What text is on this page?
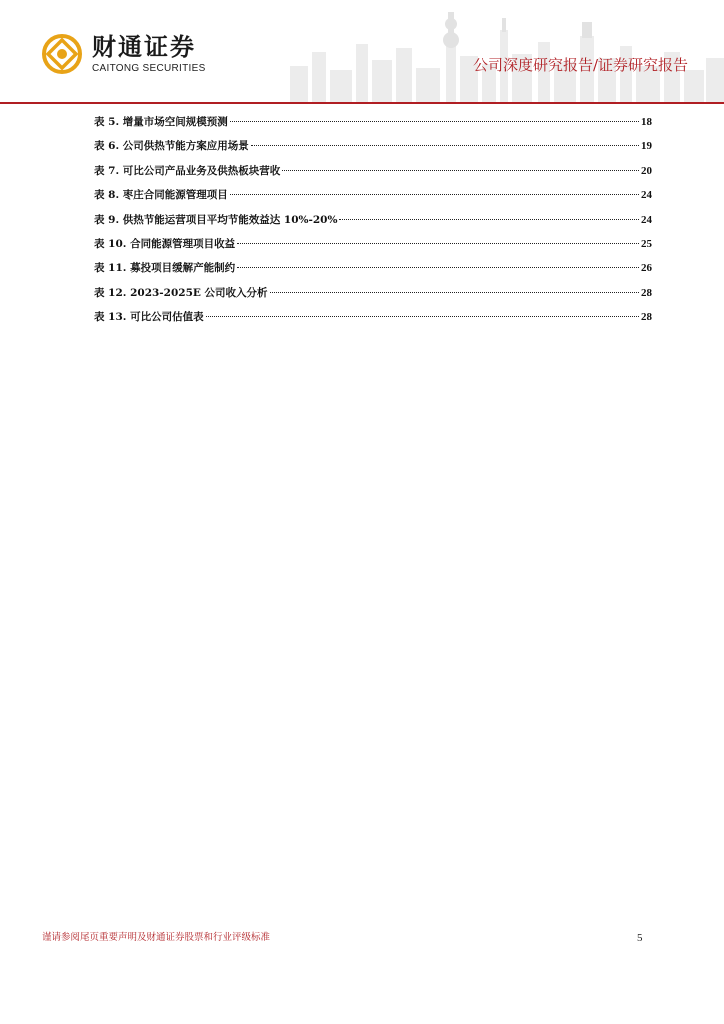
财通证券
CAITONG SECURITIES	公司深度研究报告/证券研究报告
表 5. 增量市场空间规模预测	18
表 6. 公司供热节能方案应用场景	19
表 7. 可比公司产品业务及供热板块营收	20
表 8. 枣庄合同能源管理项目	24
表 9. 供热节能运营项目平均节能效益达 10%-20%	24
表 10. 合同能源管理项目收益	25
表 11. 募投项目缓解产能制约	26
表 12. 2023-2025E 公司收入分析	28
表 13. 可比公司估值表	28
谨请参阅尾页重要声明及财通证券股票和行业评级标准	5
